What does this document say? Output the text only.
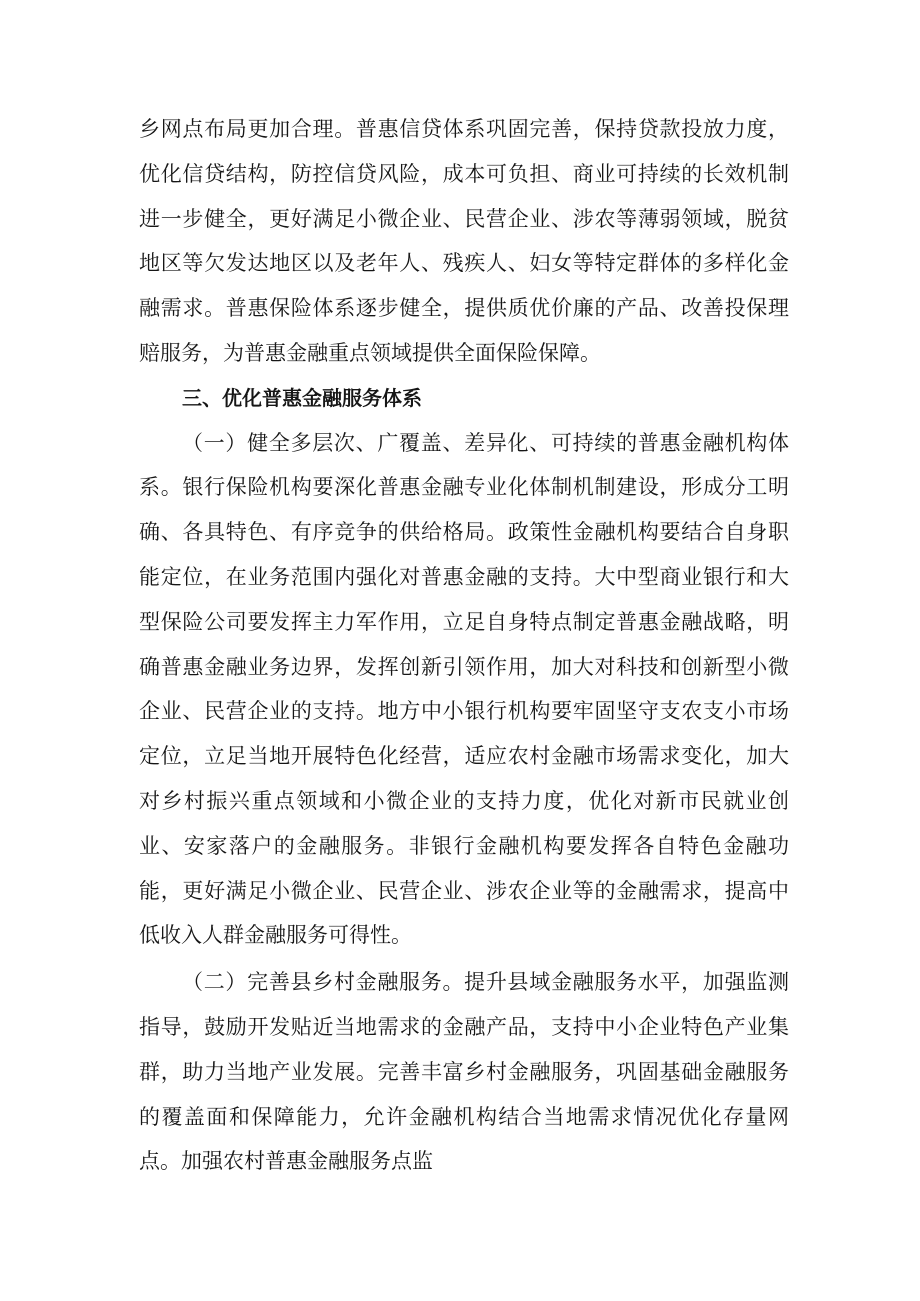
乡网点布局更加合理。普惠信贷体系巩固完善，保持贷款投放力度，优化信贷结构，防控信贷风险，成本可负担、商业可持续的长效机制进一步健全，更好满足小微企业、民营企业、涉农等薄弱领域，脱贫地区等欠发达地区以及老年人、残疾人、妇女等特定群体的多样化金融需求。普惠保险体系逐步健全，提供质优价廉的产品、改善投保理赔服务，为普惠金融重点领域提供全面保险保障。

三、优化普惠金融服务体系

（一）健全多层次、广覆盖、差异化、可持续的普惠金融机构体系。银行保险机构要深化普惠金融专业化体制机制建设，形成分工明确、各具特色、有序竞争的供给格局。政策性金融机构要结合自身职能定位，在业务范围内强化对普惠金融的支持。大中型商业银行和大型保险公司要发挥主力军作用，立足自身特点制定普惠金融战略，明确普惠金融业务边界，发挥创新引领作用，加大对科技和创新型小微企业、民营企业的支持。地方中小银行机构要牢固坚守支农支小市场定位，立足当地开展特色化经营，适应农村金融市场需求变化，加大对乡村振兴重点领域和小微企业的支持力度，优化对新市民就业创业、安家落户的金融服务。非银行金融机构要发挥各自特色金融功能，更好满足小微企业、民营企业、涉农企业等的金融需求，提高中低收入人群金融服务可得性。

（二）完善县乡村金融服务。提升县域金融服务水平，加强监测指导，鼓励开发贴近当地需求的金融产品，支持中小企业特色产业集群，助力当地产业发展。完善丰富乡村金融服务，巩固基础金融服务的覆盖面和保障能力，允许金融机构结合当地需求情况优化存量网点。加强农村普惠金融服务点监
